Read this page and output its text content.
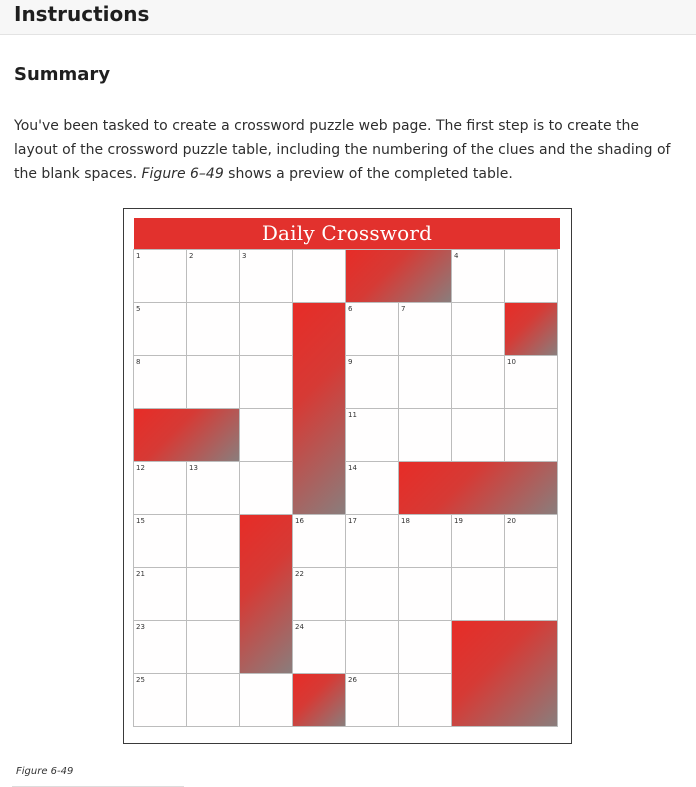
Instructions
Summary

You've been tasked to create a crossword puzzle web page. The first step is to create the layout of the crossword puzzle table, including the numbering of the clues and the shading of the blank spaces. Figure 6–49 shows a preview of the completed table.

Daily Crossword
1	2	3				4	

5				6	7		

8				9			10

				11			

12	13			14			

15			16	17	18	19	20

21			22				

23			24				

25				26			

Figure 6-49
